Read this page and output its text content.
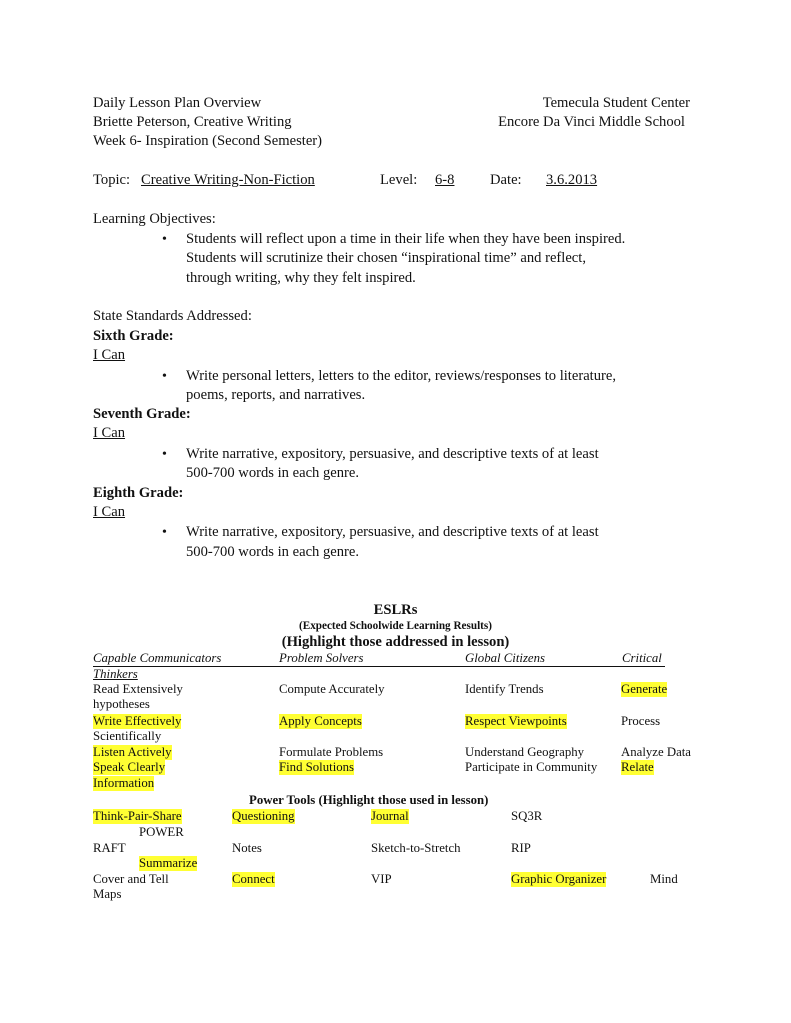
Daily Lesson Plan Overview
Briette Peterson, Creative Writing
Week 6- Inspiration (Second Semester)
Temecula Student Center
Encore Da Vinci Middle School
Topic: Creative Writing-Non-Fiction	Level: 6-8 Date:	3.6.2013
Learning Objectives:
• Students will reflect upon a time in their life when they have been inspired.
Students will scrutinize their chosen “inspirational time” and reflect,
through writing, why they felt inspired.
State Standards Addressed:
Sixth Grade:
I Can
• Write personal letters, letters to the editor, reviews/responses to literature,
poems, reports, and narratives.
Seventh Grade:
I Can
• Write narrative, expository, persuasive, and descriptive texts of at least
500-700 words in each genre.
Eighth Grade:
I Can
• Write narrative, expository, persuasive, and descriptive texts of at least
500-700 words in each genre.
ESLRs
(Expected Schoolwide Learning Results)
(Highlight those addressed in lesson)
Capable Communicators	Problem Solvers	Global Citizens	Critical
Thinkers
Read Extensively	Compute Accurately	Identify Trends	Generate
hypotheses
Write Effectively	Apply Concepts	Respect Viewpoints	Process
Scientifically
Listen Actively	Formulate Problems	Understand Geography	Analyze Data
Speak Clearly	Find Solutions	Participate in Community Relate
Information
Power Tools (Highlight those used in lesson)
Think-Pair-Share	Questioning	Journal	SQ3R
POWER
RAFT	Notes	Sketch-to-Stretch	RIP
Summarize
Cover and Tell	Connect	VIP	Graphic Organizer	Mind
Maps
